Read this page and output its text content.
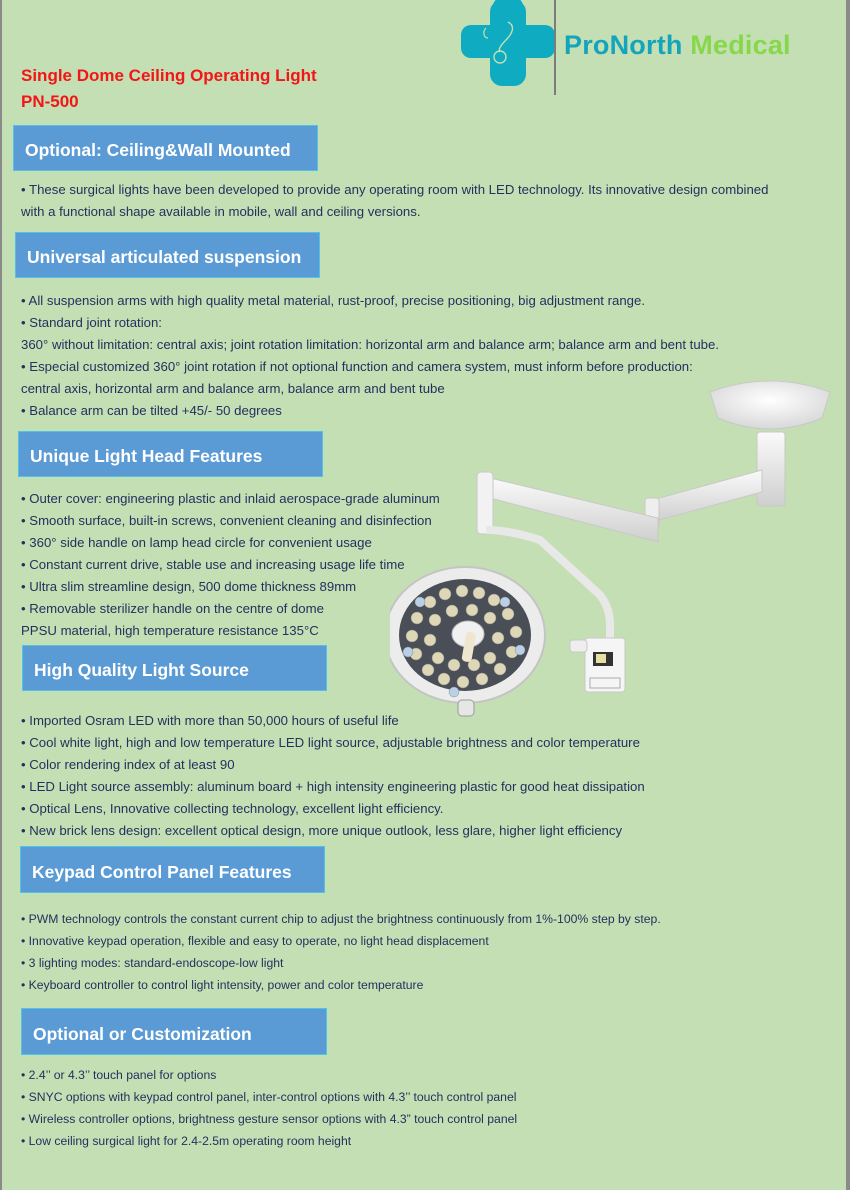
ProNorth Medical
Single Dome Ceiling Operating Light
PN-500
Optional: Ceiling&Wall Mounted
• These surgical lights have been developed to provide any operating room with LED technology. Its innovative design combined
with a functional shape available in mobile, wall and ceiling versions.
Universal articulated suspension
• All suspension arms with high quality metal material, rust-proof, precise positioning, big adjustment range.
• Standard joint rotation:
360° without limitation: central axis; joint rotation limitation: horizontal arm and balance arm; balance arm and bent tube.
• Especial customized 360° joint rotation if not optional function and camera system, must inform before production:
central axis, horizontal arm and balance arm, balance arm and bent tube
• Balance arm can be tilted +45/- 50 degrees
Unique Light Head Features
• Outer cover: engineering plastic and inlaid aerospace-grade aluminum
• Smooth surface, built-in screws, convenient cleaning and disinfection
• 360° side handle on lamp head circle for convenient usage
• Constant current drive, stable use and increasing usage life time
• Ultra slim streamline design, 500 dome thickness 89mm
• Removable sterilizer handle on the centre of dome
PPSU material, high temperature resistance 135°C
High Quality Light Source
• Imported Osram LED with more than 50,000 hours of useful life
• Cool white light, high and low temperature LED light source, adjustable brightness and color temperature
• Color rendering index of at least 90
• LED Light source assembly: aluminum board + high intensity engineering plastic for good heat dissipation
• Optical Lens, Innovative collecting technology, excellent light efficiency.
• New brick lens design: excellent optical design, more unique outlook, less glare, higher light efficiency
Keypad Control Panel Features
• PWM technology controls the constant current chip to adjust the brightness continuously from 1%-100% step by step.
• Innovative keypad operation, flexible and easy to operate, no light head displacement
• 3 lighting modes: standard-endoscope-low light
• Keyboard controller to control light intensity, power and color temperature
Optional or Customization
• 2.4’’ or 4.3’’ touch panel for options
• SNYC options with keypad control panel, inter-control options with 4.3’’ touch control panel
• Wireless controller options, brightness gesture sensor options with 4.3” touch control panel
• Low ceiling surgical light for 2.4-2.5m operating room height
